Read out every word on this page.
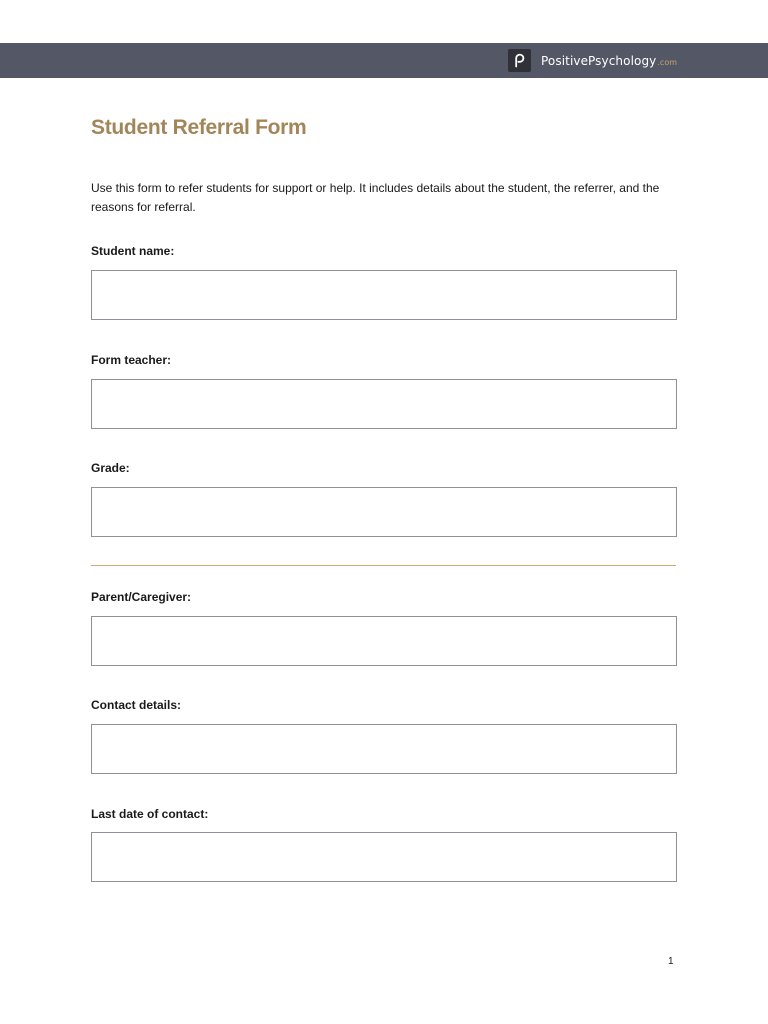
PositivePsychology .com
Student Referral Form

Use this form to refer students for support or help. It includes details about the student, the referrer, and the reasons for referral.

Student name:
Form teacher:
Grade:
Parent/Caregiver:
Contact details:
Last date of contact:
1
